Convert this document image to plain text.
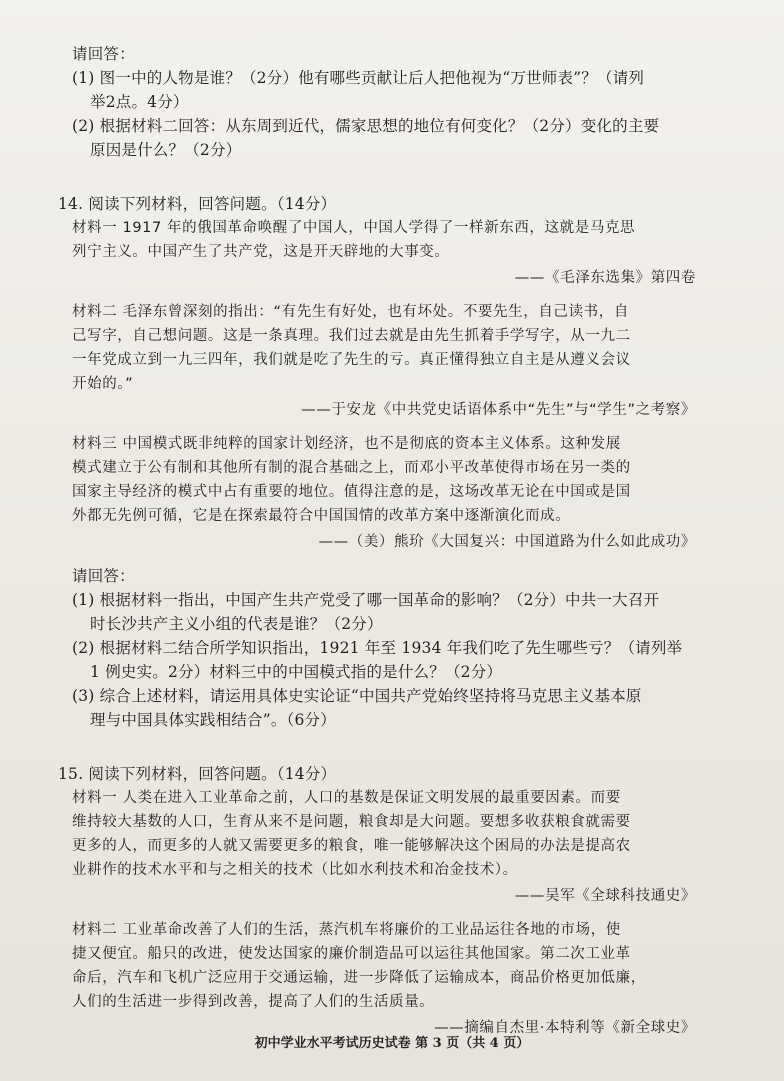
请回答：
(1) 图一中的人物是谁？（2分）他有哪些贡献让后人把他视为“万世师表”？（请列
举2点。4分）
(2) 根据材料二回答：从东周到近代，儒家思想的地位有何变化？（2分）变化的主要
原因是什么？（2分）
14. 阅读下列材料，回答问题。（14分）
材料一 1917 年的俄国革命唤醒了中国人，中国人学得了一样新东西，这就是马克思
列宁主义。中国产生了共产党，这是开天辟地的大事变。
——《毛泽东选集》第四卷
材料二 毛泽东曾深刻的指出：“有先生有好处，也有坏处。不要先生，自己读书，自
己写字，自己想问题。这是一条真理。我们过去就是由先生抓着手学写字，从一九二
一年党成立到一九三四年，我们就是吃了先生的亏。真正懂得独立自主是从遵义会议
开始的。”
——于安龙《中共党史话语体系中“先生”与“学生”之考察》
材料三 中国模式既非纯粹的国家计划经济，也不是彻底的资本主义体系。这种发展
模式建立于公有制和其他所有制的混合基础之上，而邓小平改革使得市场在另一类的
国家主导经济的模式中占有重要的地位。值得注意的是，这场改革无论在中国或是国
外都无先例可循，它是在探索最符合中国国情的改革方案中逐渐演化而成。
——（美）熊玠《大国复兴：中国道路为什么如此成功》
请回答：
(1) 根据材料一指出，中国产生共产党受了哪一国革命的影响？（2分）中共一大召开
时长沙共产主义小组的代表是谁？（2分）
(2) 根据材料二结合所学知识指出，1921 年至 1934 年我们吃了先生哪些亏？（请列举
1 例史实。2分）材料三中的中国模式指的是什么？（2分）
(3) 综合上述材料，请运用具体史实论证“中国共产党始终坚持将马克思主义基本原
理与中国具体实践相结合”。（6分）
15. 阅读下列材料，回答问题。（14分）
材料一 人类在进入工业革命之前，人口的基数是保证文明发展的最重要因素。而要
维持较大基数的人口，生育从来不是问题，粮食却是大问题。要想多收获粮食就需要
更多的人，而更多的人就又需要更多的粮食，唯一能够解决这个困局的办法是提高农
业耕作的技术水平和与之相关的技术（比如水利技术和冶金技术）。
——吴军《全球科技通史》
材料二 工业革命改善了人们的生活，蒸汽机车将廉价的工业品运往各地的市场，使
捷又便宜。船只的改进，使发达国家的廉价制造品可以运往其他国家。第二次工业革
命后，汽车和飞机广泛应用于交通运输，进一步降低了运输成本，商品价格更加低廉，
人们的生活进一步得到改善，提高了人们的生活质量。
——摘编自杰里·本特利等《新全球史》
初中学业水平考试历史试卷 第 3 页（共 4 页）
